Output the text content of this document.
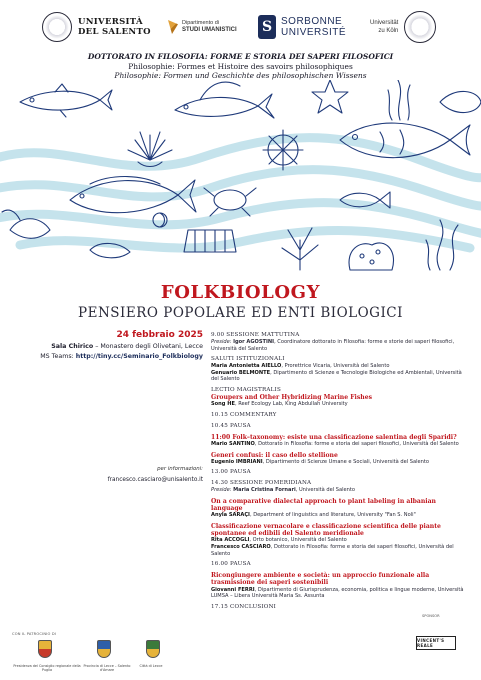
UNIVERSITÀ
DEL SALENTO
Dipartimento di
STUDI UMANISTICI S SORBONNE
UNIVERSITÉ
Universität
zu Köln
DOTTORATO IN FILOSOFIA: FORME E STORIA DEI SAPERI FILOSOFICI
Philosophie: Formes et Histoire des savoirs philosophiques
Philosophie: Formen und Geschichte des philosophischen Wissens
FOLKBIOLOGY
PENSIERO POPOLARE ED ENTI BIOLOGICI
24 febbraio 2025
Sala Chirico – Monastero degli Olivetani, Lecce
MS Teams: http://tiny.cc/Seminario_Folkbiology
per informazioni:
francesco.casciaro@unisalento.it
9.00 SESSIONE MATTUTINA
Preside: Igor AGOSTINI, Coordinatore dottorato in Filosofia: forme e storie dei saperi filosofici, Università del Salento
SALUTI ISTITUZIONALI
Maria Antonietta AIELLO, Prorettrice Vicaria, Università del Salento
Genuario BELMONTE, Dipartimento di Scienze e Tecnologie Biologiche ed Ambientali, Università del Salento
LECTIO MAGISTRALIS
Groupers and Other Hybridizing Marine Fishes
Song HE, Reef Ecology Lab, King Abdullah University
10.15 COMMENTARY
10.45 PAUSA
11:00 Folk–taxonomy: esiste una classificazione salentina degli Sparidi?
Mario SANTINO, Dottorato in Filosofia: forme e storia dei saperi filosofici, Università del Salento
Generi confusi: il caso dello stellione
Eugenio IMBRIANI, Dipartimento di Scienze Umane e Sociali, Università del Salento
13.00 PAUSA
14.30 SESSIONE POMERIDIANA
Preside: Maria Cristina Fornari, Università del Salento
On a comparative dialectal approach to plant labeling in albanian language
Anyla SARAÇI, Department of linguistics and literature, University "Fan S. Noli"
Classificazione vernacolare e classificazione scientifica delle piante spontanee ed edibili del Salento meridionale
Rita ACCOGLI, Orto botanico, Università del Salento
Francesco CASCIARO, Dottorato in Filosofia: forme e storia dei saperi filosofici, Università del Salento
16.00 PAUSA
Ricongiungere ambiente e società: un approccio funzionale alla trasmissione dei saperi sostenibili
Giovanni FERRI, Dipartimento di Giurisprudenza, economia, politica e lingue moderne, Università LUMSA – Libera Università Maria Ss. Assunta
17.15 CONCLUSIONI
CON IL PATROCINIO DI
Presidenza del Consiglio regionale della Puglia
Provincia di Lecce – Salento d'Amare
Città di Lecce
SPONSOR
VINCENT'S REALE
